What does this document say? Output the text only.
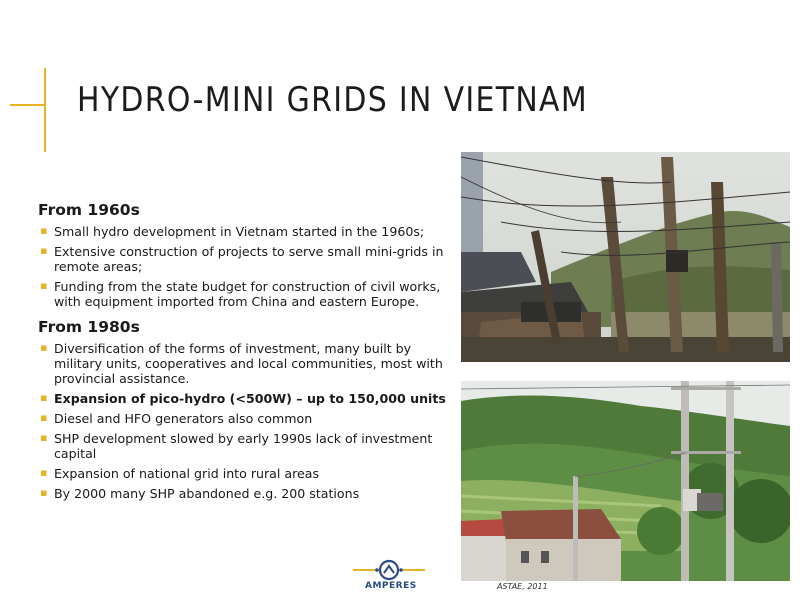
HYDRO-MINI GRIDS IN VIETNAM
From 1960s
▪ Small hydro development in Vietnam started in the 1960s;
▪ Extensive construction of projects to serve small mini-grids in remote areas;
▪ Funding from the state budget for construction of civil works, with equipment imported from China and eastern Europe.
From 1980s
▪ Diversification of the forms of investment, many built by military units, cooperatives and local communities, most with provincial assistance.
▪ Expansion of pico-hydro (<500W) – up to 150,000 units
▪ Diesel and HFO generators also common
▪ SHP development slowed by early 1990s lack of investment capital
▪ Expansion of national grid into rural areas
▪ By 2000 many SHP abandoned e.g. 200 stations
ASTAE, 2011
AMPERES
